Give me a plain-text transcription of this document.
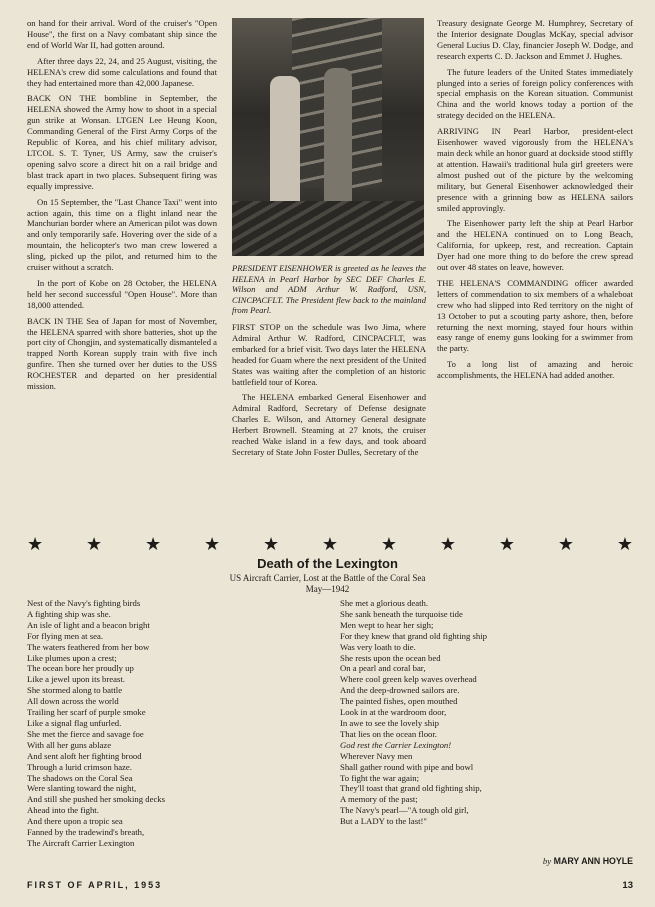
on hand for their arrival. Word of the cruiser's "Open House", the first on a Navy combatant ship since the end of World War II, had gotten around.

After three days 22, 24, and 25 August, visiting, the HELENA's crew did some calculations and found that they had entertained more than 42,000 Japanese.

BACK ON THE bombline in September, the HELENA showed the Army how to shoot in a special gun strike at Wonsan. LTGEN Lee Heung Koon, Commanding General of the First Army Corps of the Republic of Korea, and his chief military advisor, LTCOL S. T. Tyner, US Army, saw the cruiser's opening salvo score a direct hit on a rail bridge and blast track apart in two places. Subsequent firing was equally impressive.

On 15 September, the "Last Chance Taxi" went into action again, this time on a flight inland near the Manchurian border where an American pilot was down and only temporarily safe. Hovering over the side of a mountain, the helicopter's two man crew lowered a sling, picked up the pilot, and returned him to the cruiser without a scratch.

In the port of Kobe on 28 October, the HELENA held her second successful "Open House". More than 18,000 attended.

BACK IN THE Sea of Japan for most of November, the HELENA sparred with shore batteries, shot up the port city of Chongjin, and systematically dismanteled a trapped North Korean supply train with five inch gunfire. Then she turned over her duties to the USS ROCHESTER and departed on her presidential mission.

PRESIDENT EISENHOWER is greeted as he leaves the HELENA in Pearl Harbor by SEC DEF Charles E. Wilson and ADM Arthur W. Radford, USN, CINCPACFLT. The President flew back to the mainland from Pearl.

FIRST STOP on the schedule was Iwo Jima, where Admiral Arthur W. Radford, CINCPACFLT, was embarked for a brief visit. Two days later the HELENA headed for Guam where the next president of the United States was waiting after the completion of an historic battlefield tour of Korea.

The HELENA embarked General Eisenhower and Admiral Radford, Secretary of Defense designate Charles E. Wilson, and Attorney General designate Herbert Brownell. Steaming at 27 knots, the cruiser reached Wake island in a few days, and took aboard Secretary of State John Foster Dulles, Secretary of the

Treasury designate George M. Humphrey, Secretary of the Interior designate Douglas McKay, special advisor General Lucius D. Clay, financier Joseph W. Dodge, and research experts C. D. Jackson and Emmet J. Hughes.

The future leaders of the United States immediately plunged into a series of foreign policy conferences with special emphasis on the Korean situation. Communist China and the world knows today a portion of the strategy decided on the HELENA.

ARRIVING IN Pearl Harbor, president-elect Eisenhower waved vigorously from the HELENA's main deck while an honor guard at dockside stood stiffly at attention. Hawaii's traditional hula girl greeters were almost pushed out of the picture by the welcoming military, but General Eisenhower acknowledged their presence with a grinning bow as HELENA sailors smiled approvingly.

The Eisenhower party left the ship at Pearl Harbor and the HELENA continued on to Long Beach, California, for upkeep, rest, and recreation. Captain Dyer had one more thing to do before the crew spread out over 48 states on leave, however.

THE HELENA'S COMMANDING officer awarded letters of commendation to six members of a whaleboat crew who had slipped into Red territory on the night of 13 October to put a scouting party ashore, then, before returning the next morning, stayed four hours within easy range of enemy guns looking for a swimmer from the party.

To a long list of amazing and heroic accomplishments, the HELENA had added another.

★ ★ ★ ★ ★ ★ ★ ★ ★ ★ ★
Death of the Lexington
US Aircraft Carrier, Lost at the Battle of the Coral Sea
May—1942
Nest of the Navy's fighting birds
A fighting ship was she.
An isle of light and a beacon bright
For flying men at sea.
The waters feathered from her bow
Like plumes upon a crest;
The ocean bore her proudly up
Like a jewel upon its breast.
She stormed along to battle
All down across the world
Trailing her scarf of purple smoke
Like a signal flag unfurled.
She met the fierce and savage foe
With all her guns ablaze
And sent aloft her fighting brood
Through a lurid crimson haze.
The shadows on the Coral Sea
Were slanting toward the night,
And still she pushed her smoking decks
Ahead into the fight.
And there upon a tropic sea
Fanned by the tradewind's breath,
The Aircraft Carrier Lexington
She met a glorious death.
She sank beneath the turquoise tide
Men wept to hear her sigh;
For they knew that grand old fighting ship
Was very loath to die.
She rests upon the ocean bed
On a pearl and coral bar,
Where cool green kelp waves overhead
And the deep-drowned sailors are.
The painted fishes, open mouthed
Look in at the wardroom door,
In awe to see the lovely ship
That lies on the ocean floor.
God rest the Carrier Lexington!
Wherever Navy men
Shall gather round with pipe and bowl
To fight the war again;
They'll toast that grand old fighting ship,
A memory of the past;
The Navy's pearl—"A tough old girl,
But a LADY to the last!"
by MARY ANN HOYLE
FIRST OF APRIL, 1953	13
